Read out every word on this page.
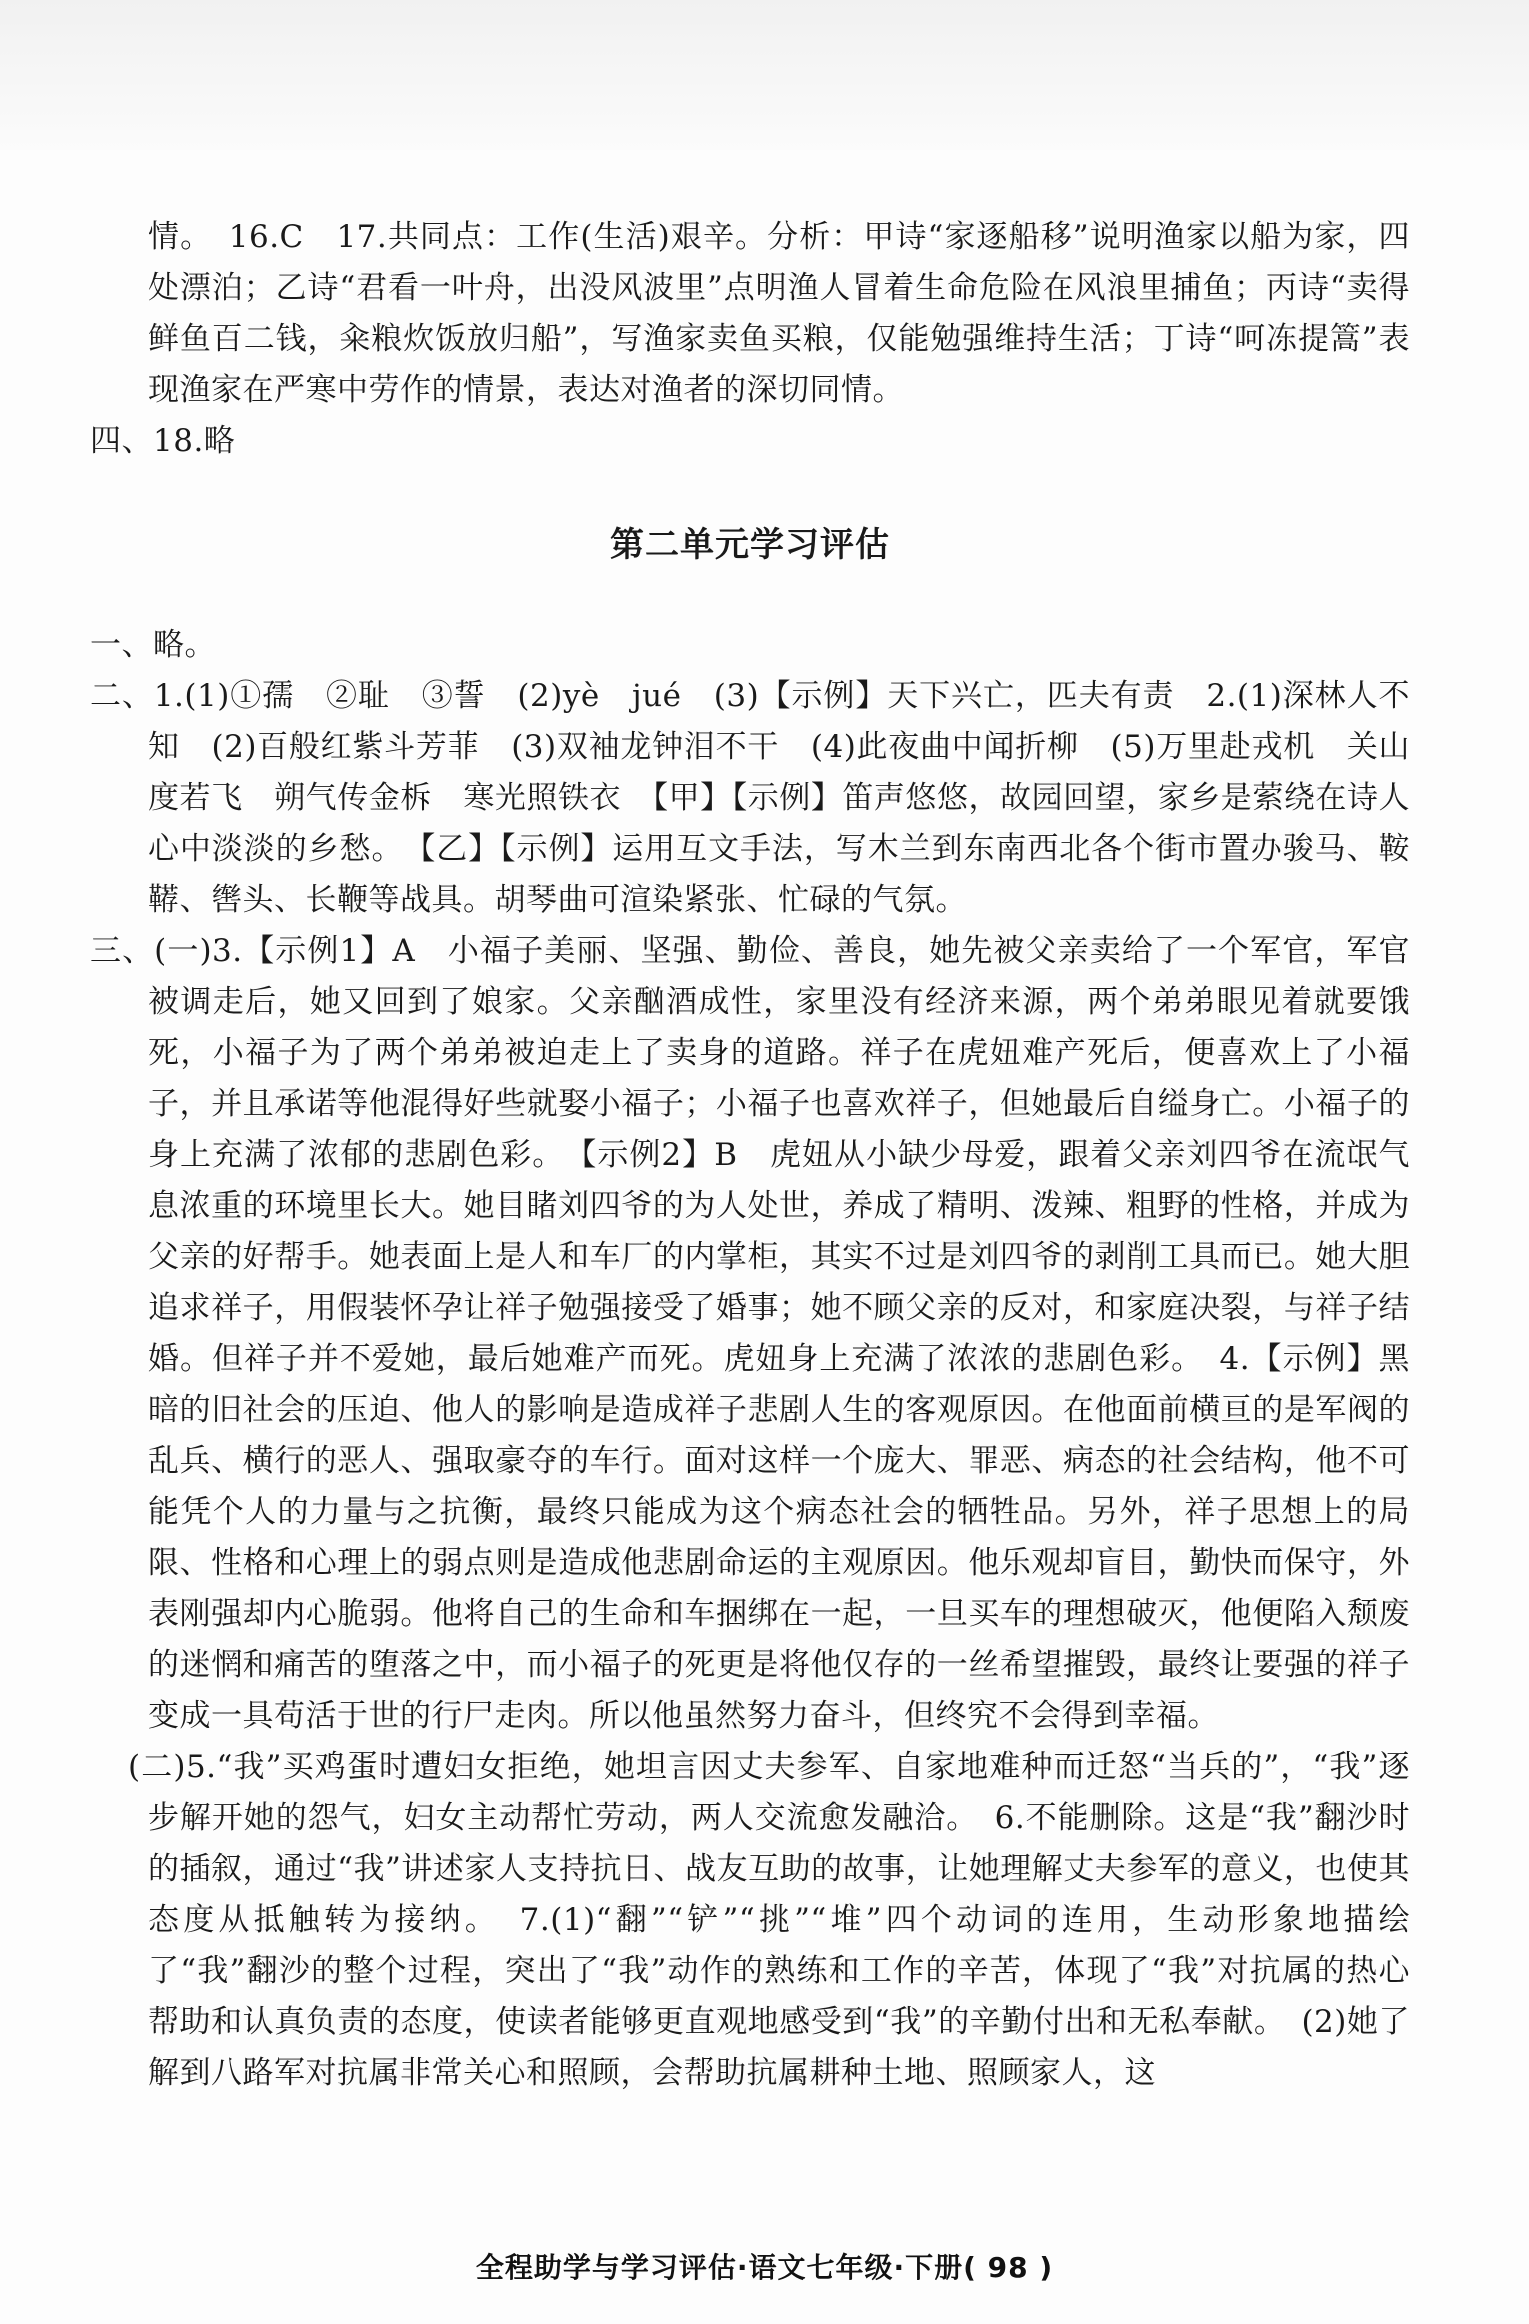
情。　16.C　17.共同点：工作(生活)艰辛。分析：甲诗“家逐船移”说明渔家以船为家，四处漂泊；乙诗“君看一叶舟，出没风波里”点明渔人冒着生命危险在风浪里捕鱼；丙诗“卖得鲜鱼百二钱，籴粮炊饭放归船”，写渔家卖鱼买粮，仅能勉强维持生活；丁诗“呵冻提篙”表现渔家在严寒中劳作的情景，表达对渔者的深切同情。

四、18.略

第二单元学习评估

一、略。

二、1.(1)①孺　②耻　③誓　(2)yè　jué　(3)【示例】天下兴亡，匹夫有责　2.(1)深林人不知　(2)百般红紫斗芳菲　(3)双袖龙钟泪不干　(4)此夜曲中闻折柳　(5)万里赴戎机　关山度若飞　朔气传金柝　寒光照铁衣　【甲】【示例】笛声悠悠，故园回望，家乡是萦绕在诗人心中淡淡的乡愁。　【乙】【示例】运用互文手法，写木兰到东南西北各个街市置办骏马、鞍鞯、辔头、长鞭等战具。胡琴曲可渲染紧张、忙碌的气氛。

三、(一)3.【示例1】A　小福子美丽、坚强、勤俭、善良，她先被父亲卖给了一个军官，军官被调走后，她又回到了娘家。父亲酗酒成性，家里没有经济来源，两个弟弟眼见着就要饿死，小福子为了两个弟弟被迫走上了卖身的道路。祥子在虎妞难产死后，便喜欢上了小福子，并且承诺等他混得好些就娶小福子；小福子也喜欢祥子，但她最后自缢身亡。小福子的身上充满了浓郁的悲剧色彩。　【示例2】B　虎妞从小缺少母爱，跟着父亲刘四爷在流氓气息浓重的环境里长大。她目睹刘四爷的为人处世，养成了精明、泼辣、粗野的性格，并成为父亲的好帮手。她表面上是人和车厂的内掌柜，其实不过是刘四爷的剥削工具而已。她大胆追求祥子，用假装怀孕让祥子勉强接受了婚事；她不顾父亲的反对，和家庭决裂，与祥子结婚。但祥子并不爱她，最后她难产而死。虎妞身上充满了浓浓的悲剧色彩。　4.【示例】黑暗的旧社会的压迫、他人的影响是造成祥子悲剧人生的客观原因。在他面前横亘的是军阀的乱兵、横行的恶人、强取豪夺的车行。面对这样一个庞大、罪恶、病态的社会结构，他不可能凭个人的力量与之抗衡，最终只能成为这个病态社会的牺牲品。另外，祥子思想上的局限、性格和心理上的弱点则是造成他悲剧命运的主观原因。他乐观却盲目，勤快而保守，外表刚强却内心脆弱。他将自己的生命和车捆绑在一起，一旦买车的理想破灭，他便陷入颓废的迷惘和痛苦的堕落之中，而小福子的死更是将他仅存的一丝希望摧毁，最终让要强的祥子变成一具苟活于世的行尸走肉。所以他虽然努力奋斗，但终究不会得到幸福。

(二)5.“我”买鸡蛋时遭妇女拒绝，她坦言因丈夫参军、自家地难种而迁怒“当兵的”，“我”逐步解开她的怨气，妇女主动帮忙劳动，两人交流愈发融洽。　6.不能删除。这是“我”翻沙时的插叙，通过“我”讲述家人支持抗日、战友互助的故事，让她理解丈夫参军的意义，也使其态度从抵触转为接纳。　7.(1)“翻”“铲”“挑”“堆”四个动词的连用，生动形象地描绘了“我”翻沙的整个过程，突出了“我”动作的熟练和工作的辛苦，体现了“我”对抗属的热心帮助和认真负责的态度，使读者能够更直观地感受到“我”的辛勤付出和无私奉献。　(2)她了解到八路军对抗属非常关心和照顾，会帮助抗属耕种土地、照顾家人，这

全程助学与学习评估·语文七年级·下册( 98 )
